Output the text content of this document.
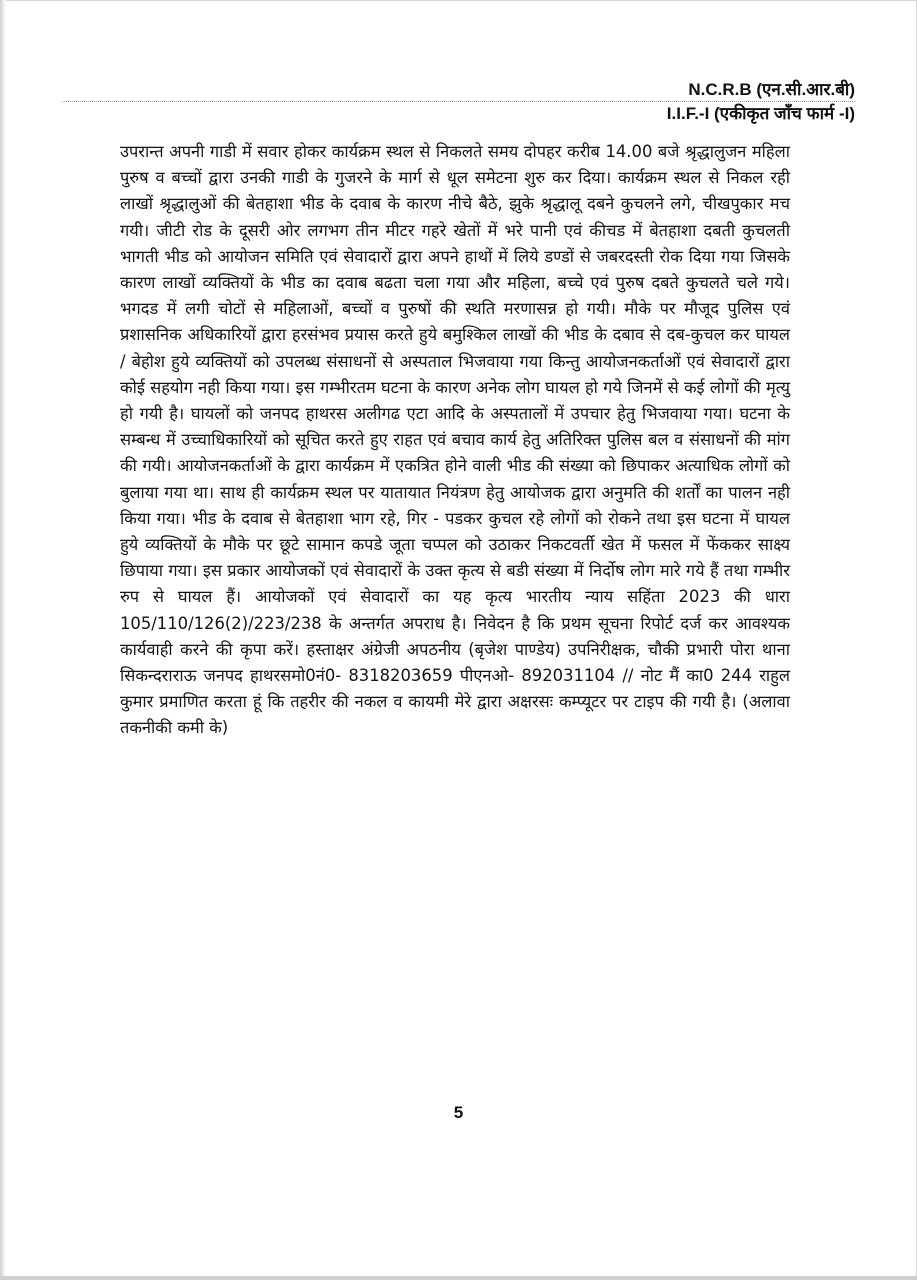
N.C.R.B (एन.सी.आर.बी)
I.I.F.-I (एकीकृत जाँच फार्म -I)
उपरान्त अपनी गाडी में सवार होकर कार्यक्रम स्थल से निकलते समय दोपहर करीब 14.00 बजे श्रृद्धालुजन महिला पुरुष व बच्चों द्वारा उनकी गाडी के गुजरने के मार्ग से धूल समेटना शुरु कर दिया। कार्यक्रम स्थल से निकल रही लाखों श्रृद्धालुओं की बेतहाशा भीड के दवाब के कारण नीचे बैठे, झुके श्रृद्धालू दबने कुचलने लगे, चीखपुकार मच गयी। जीटी रोड के दूसरी ओर लगभग तीन मीटर गहरे खेतों में भरे पानी एवं कीचड में बेतहाशा दबती कुचलती भागती भीड को आयोजन समिति एवं सेवादारों द्वारा अपने हाथों में लिये डण्डों से जबरदस्ती रोक दिया गया जिसके कारण लाखों व्यक्तियों के भीड का दवाब बढता चला गया और महिला, बच्चे एवं पुरुष दबते कुचलते चले गये। भगदड में लगी चोटों से महिलाओं, बच्चों व पुरुषों की स्थति मरणासन्न हो गयी। मौके पर मौजूद पुलिस एवं प्रशासनिक अधिकारियों द्वारा हरसंभव प्रयास करते हुये बमुश्किल लाखों की भीड के दबाव से दब-कुचल कर घायल / बेहोश हुये व्यक्तियों को उपलब्ध संसाधनों से अस्पताल भिजवाया गया किन्तु आयोजनकर्ताओं एवं सेवादारों द्वारा कोई सहयोग नही किया गया। इस गम्भीरतम घटना के कारण अनेक लोग घायल हो गये जिनमें से कई लोगों की मृत्यु हो गयी है। घायलों को जनपद हाथरस अलीगढ एटा आदि के अस्पतालों में उपचार हेतु भिजवाया गया। घटना के सम्बन्ध में उच्चाधिकारियों को सूचित करते हुए राहत एवं बचाव कार्य हेतु अतिरिक्त पुलिस बल व संसाधनों की मांग की गयी। आयोजनकर्ताओं के द्वारा कार्यक्रम में एकत्रित होने वाली भीड की संख्या को छिपाकर अत्याधिक लोगों को बुलाया गया था। साथ ही कार्यक्रम स्थल पर यातायात नियंत्रण हेतु आयोजक द्वारा अनुमति की शर्तों का पालन नही किया गया। भीड के दवाब से बेतहाशा भाग रहे, गिर - पडकर कुचल रहे लोगों को रोकने तथा इस घटना में घायल हुये व्यक्तियों के मौके पर छूटे सामान कपडे जूता चप्पल को उठाकर निकटवर्ती खेत में फसल में फेंककर साक्ष्य छिपाया गया। इस प्रकार आयोजकों एवं सेवादारों के उक्त कृत्य से बडी संख्या में निर्दोष लोग मारे गये हैं तथा गम्भीर रुप से घायल हैं। आयोजकों एवं सेवादारों का यह कृत्य भारतीय न्याय सहिंता 2023 की धारा 105/110/126(2)/223/238 के अन्तर्गत अपराध है। निवेदन है कि प्रथम सूचना रिपोर्ट दर्ज कर आवश्यक कार्यवाही करने की कृपा करें। हस्ताक्षर अंग्रेजी अपठनीय (बृजेश पाण्डेय) उपनिरीक्षक, चौकी प्रभारी पोरा थाना सिकन्दराराऊ जनपद हाथरसमो0नं0- 8318203659 पीएनओ- 892031104 // नोट मैं का0 244 राहुल कुमार प्रमाणित करता हूं कि तहरीर की नकल व कायमी मेरे द्वारा अक्षरसः कम्प्यूटर पर टाइप की गयी है। (अलावा तकनीकी कमी के)
5
